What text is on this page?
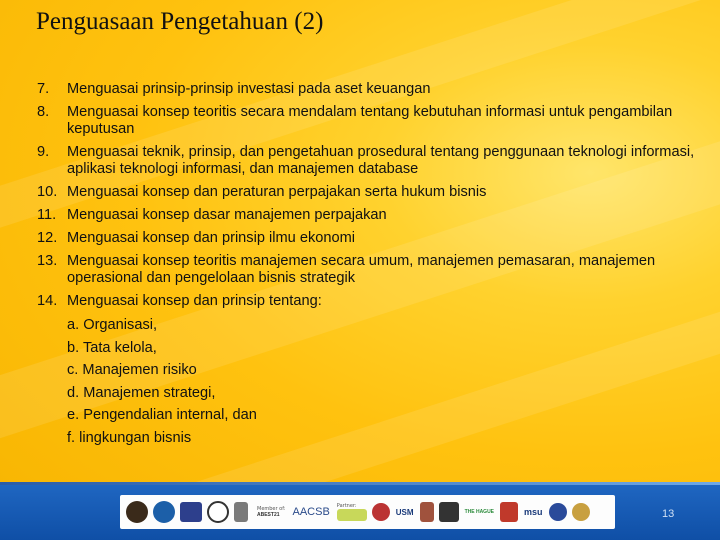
Penguasaan Pengetahuan (2)
7.	Menguasai prinsip-prinsip investasi pada aset keuangan
8.	Menguasai konsep teoritis secara mendalam tentang kebutuhan informasi untuk pengambilan keputusan
9.	Menguasai teknik, prinsip, dan pengetahuan prosedural tentang penggunaan teknologi informasi, aplikasi teknologi informasi, dan manajemen database
10. Menguasai konsep dan peraturan perpajakan serta hukum bisnis
11. Menguasai konsep dasar manajemen perpajakan
12. Menguasai konsep dan prinsip ilmu ekonomi
13. Menguasai konsep teoritis manajemen secara umum, manajemen pemasaran, manajemen operasional dan pengelolaan bisnis strategik
14. Menguasai konsep dan prinsip tentang:
a. Organisasi,
b. Tata kelola,
c. Manajemen risiko
d. Manajemen strategi,
e. Pengendalian internal, dan
f. lingkungan bisnis
Member of:
ABEST21 AACSB	Partner:
USM	THE HAGUE	msu	13
